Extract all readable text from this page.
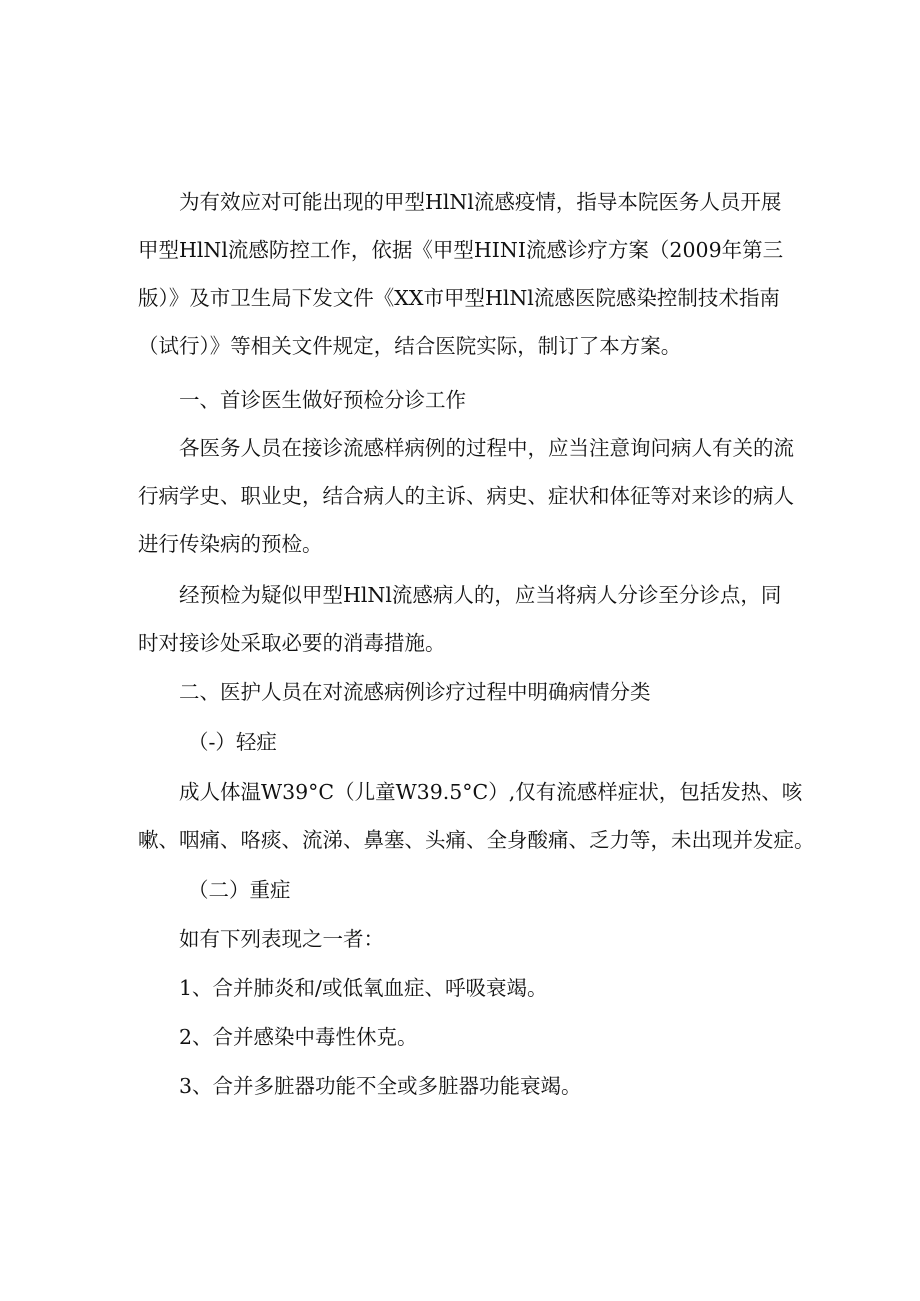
为有效应对可能出现的甲型HlNl流感疫情，指导本院医务人员开展
甲型HlNl流感防控工作，依据《甲型HINI流感诊疗方案（2009年第三
版）》及市卫生局下发文件《XX市甲型HlNl流感医院感染控制技术指南
（试行）》等相关文件规定，结合医院实际，制订了本方案。
一、首诊医生做好预检分诊工作
各医务人员在接诊流感样病例的过程中，应当注意询问病人有关的流
行病学史、职业史，结合病人的主诉、病史、症状和体征等对来诊的病人
进行传染病的预检。
经预检为疑似甲型HlNl流感病人的，应当将病人分诊至分诊点，同
时对接诊处采取必要的消毒措施。
二、医护人员在对流感病例诊疗过程中明确病情分类
（-）轻症
成人体温W39°C（儿童W39.5°C）,仅有流感样症状，包括发热、咳
嗽、咽痛、咯痰、流涕、鼻塞、头痛、全身酸痛、乏力等，未出现并发症。
（二）重症
如有下列表现之一者：
1、合并肺炎和/或低氧血症、呼吸衰竭。
2、合并感染中毒性休克。
3、合并多脏器功能不全或多脏器功能衰竭。
